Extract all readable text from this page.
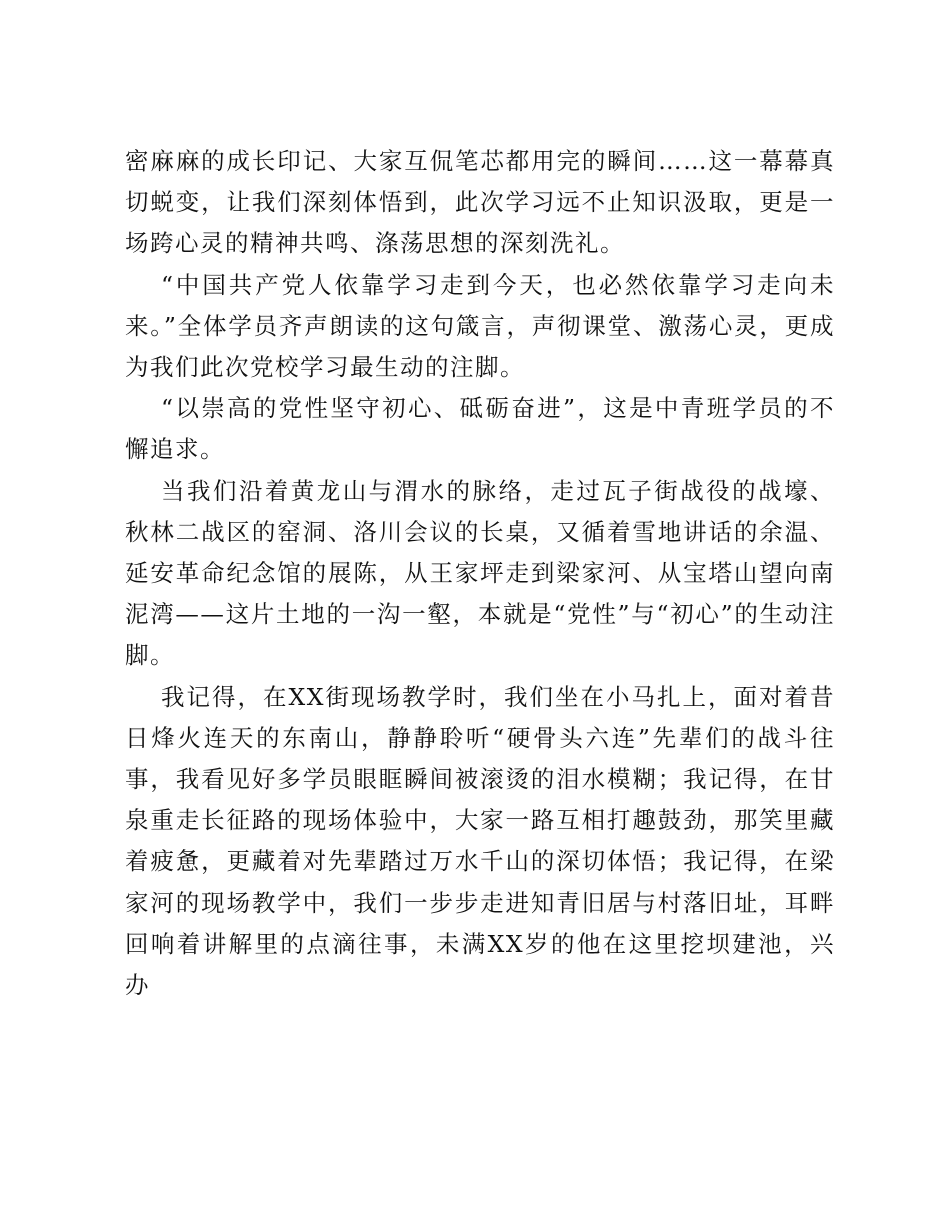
密麻麻的成长印记、大家互侃笔芯都用完的瞬间……这一幕幕真切蜕变，让我们深刻体悟到，此次学习远不止知识汲取，更是一场跨心灵的精神共鸣、涤荡思想的深刻洗礼。

“中国共产党人依靠学习走到今天，也必然依靠学习走向未来。”全体学员齐声朗读的这句箴言，声彻课堂、激荡心灵，更成为我们此次党校学习最生动的注脚。

“以崇高的党性坚守初心、砥砺奋进”，这是中青班学员的不懈追求。

当我们沿着黄龙山与渭水的脉络，走过瓦子街战役的战壕、秋林二战区的窑洞、洛川会议的长桌，又循着雪地讲话的余温、延安革命纪念馆的展陈，从王家坪走到梁家河、从宝塔山望向南泥湾——这片土地的一沟一壑，本就是“党性”与“初心”的生动注脚。

我记得，在XX街现场教学时，我们坐在小马扎上，面对着昔日烽火连天的东南山，静静聆听“硬骨头六连”先辈们的战斗往事，我看见好多学员眼眶瞬间被滚烫的泪水模糊；我记得，在甘泉重走长征路的现场体验中，大家一路互相打趣鼓劲，那笑里藏着疲惫，更藏着对先辈踏过万水千山的深切体悟；我记得，在梁家河的现场教学中，我们一步步走进知青旧居与村落旧址，耳畔回响着讲解里的点滴往事，未满XX岁的他在这里挖坝建池，兴办
